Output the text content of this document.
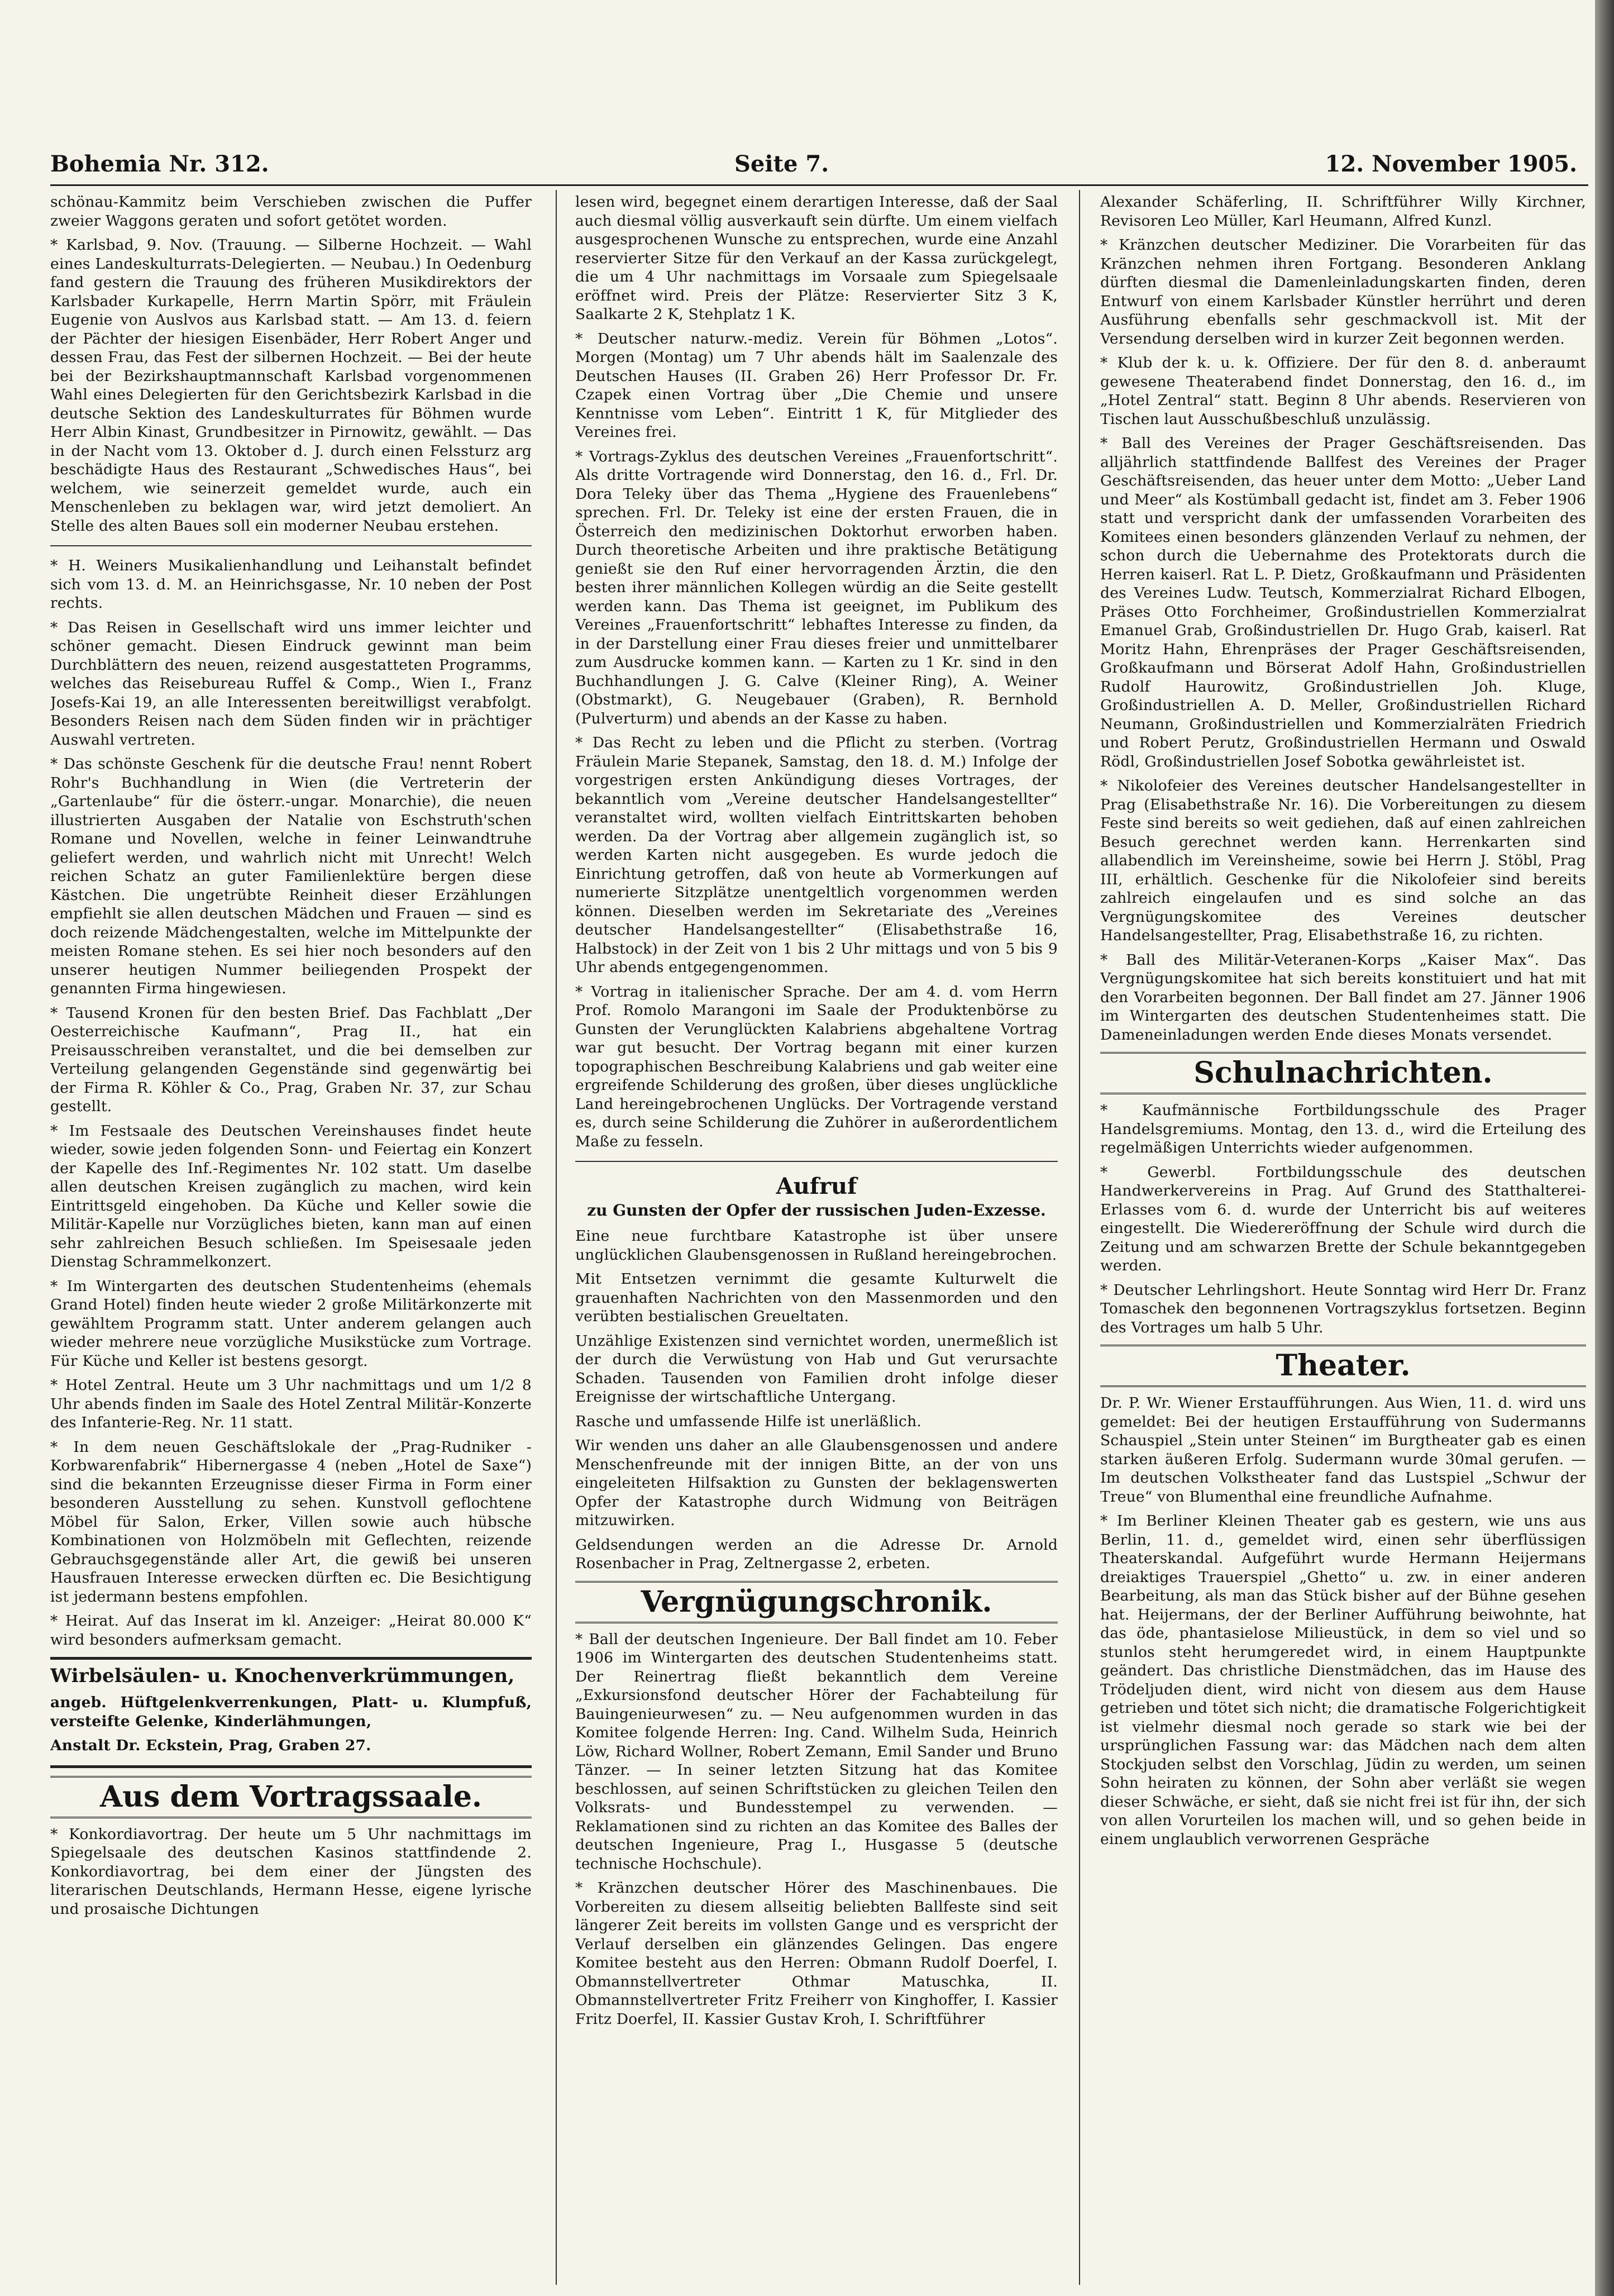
Bohemia Nr. 312.	Seite 7.	12. November 1905.

schönau-Kammitz beim Verschieben zwischen die Puffer zweier Waggons geraten und sofort getötet worden.

* Karlsbad, 9. Nov. (Trauung. — Silberne Hochzeit. — Wahl eines Landeskulturrats-Delegierten. — Neubau.) In Oedenburg fand gestern die Trauung des früheren Musikdirektors der Karlsbader Kurkapelle, Herrn Martin Spörr, mit Fräulein Eugenie von Auslvos aus Karlsbad statt. — Am 13. d. feiern der Pächter der hiesigen Eisenbäder, Herr Robert Anger und dessen Frau, das Fest der silbernen Hochzeit. — Bei der heute bei der Bezirkshauptmannschaft Karlsbad vorgenommenen Wahl eines Delegierten für den Gerichtsbezirk Karlsbad in die deutsche Sektion des Landeskulturrates für Böhmen wurde Herr Albin Kinast, Grundbesitzer in Pirnowitz, gewählt. — Das in der Nacht vom 13. Oktober d. J. durch einen Felssturz arg beschädigte Haus des Restaurant „Schwedisches Haus“, bei welchem, wie seinerzeit gemeldet wurde, auch ein Menschenleben zu beklagen war, wird jetzt demoliert. An Stelle des alten Baues soll ein moderner Neubau erstehen.

* H. Weiners Musikalienhandlung und Leihanstalt befindet sich vom 13. d. M. an Heinrichsgasse, Nr. 10 neben der Post rechts.

* Das Reisen in Gesellschaft wird uns immer leichter und schöner gemacht. Diesen Eindruck gewinnt man beim Durchblättern des neuen, reizend ausgestatteten Programms, welches das Reisebureau Ruffel & Comp., Wien I., Franz Josefs-Kai 19, an alle Interessenten bereitwilligst verabfolgt. Besonders Reisen nach dem Süden finden wir in prächtiger Auswahl vertreten.

* Das schönste Geschenk für die deutsche Frau! nennt Robert Rohr's Buchhandlung in Wien (die Vertreterin der „Gartenlaube“ für die österr.-ungar. Monarchie), die neuen illustrierten Ausgaben der Natalie von Eschstruth'schen Romane und Novellen, welche in feiner Leinwandtruhe geliefert werden, und wahrlich nicht mit Unrecht! Welch reichen Schatz an guter Familienlektüre bergen diese Kästchen. Die ungetrübte Reinheit dieser Erzählungen empfiehlt sie allen deutschen Mädchen und Frauen — sind es doch reizende Mädchengestalten, welche im Mittelpunkte der meisten Romane stehen. Es sei hier noch besonders auf den unserer heutigen Nummer beiliegenden Prospekt der genannten Firma hingewiesen.

* Tausend Kronen für den besten Brief. Das Fachblatt „Der Oesterreichische Kaufmann“, Prag II., hat ein Preisausschreiben veranstaltet, und die bei demselben zur Verteilung gelangenden Gegenstände sind gegenwärtig bei der Firma R. Köhler & Co., Prag, Graben Nr. 37, zur Schau gestellt.

* Im Festsaale des Deutschen Vereinshauses findet heute wieder, sowie jeden folgenden Sonn- und Feiertag ein Konzert der Kapelle des Inf.-Regimentes Nr. 102 statt. Um daselbe allen deutschen Kreisen zugänglich zu machen, wird kein Eintrittsgeld eingehoben. Da Küche und Keller sowie die Militär-Kapelle nur Vorzügliches bieten, kann man auf einen sehr zahlreichen Besuch schließen. Im Speisesaale jeden Dienstag Schrammelkonzert.

* Im Wintergarten des deutschen Studentenheims (ehemals Grand Hotel) finden heute wieder 2 große Militärkonzerte mit gewähltem Programm statt. Unter anderem gelangen auch wieder mehrere neue vorzügliche Musikstücke zum Vortrage. Für Küche und Keller ist bestens gesorgt.

* Hotel Zentral. Heute um 3 Uhr nachmittags und um 1/2 8 Uhr abends finden im Saale des Hotel Zentral Militär-Konzerte des Infanterie-Reg. Nr. 11 statt.

* In dem neuen Geschäftslokale der „Prag-Rudniker - Korbwarenfabrik“ Hibernergasse 4 (neben „Hotel de Saxe“) sind die bekannten Erzeugnisse dieser Firma in Form einer besonderen Ausstellung zu sehen. Kunstvoll geflochtene Möbel für Salon, Erker, Villen sowie auch hübsche Kombinationen von Holzmöbeln mit Geflechten, reizende Gebrauchsgegenstände aller Art, die gewiß bei unseren Hausfrauen Interesse erwecken dürften ec. Die Besichtigung ist jedermann bestens empfohlen.

* Heirat. Auf das Inserat im kl. Anzeiger: „Heirat 80.000 K“ wird besonders aufmerksam gemacht.

Wirbelsäulen- u. Knochenverkrümmungen,

angeb. Hüftgelenkverrenkungen, Platt- u. Klumpfuß, versteifte Gelenke, Kinderlähmungen,

Anstalt Dr. Eckstein, Prag, Graben 27.

Aus dem Vortragssaale.

* Konkordiavortrag. Der heute um 5 Uhr nachmittags im Spiegelsaale des deutschen Kasinos stattfindende 2. Konkordiavortrag, bei dem einer der Jüngsten des literarischen Deutschlands, Hermann Hesse, eigene lyrische und prosaische Dichtungen

lesen wird, begegnet einem derartigen Interesse, daß der Saal auch diesmal völlig ausverkauft sein dürfte. Um einem vielfach ausgesprochenen Wunsche zu entsprechen, wurde eine Anzahl reservierter Sitze für den Verkauf an der Kassa zurückgelegt, die um 4 Uhr nachmittags im Vorsaale zum Spiegelsaale eröffnet wird. Preis der Plätze: Reservierter Sitz 3 K, Saalkarte 2 K, Stehplatz 1 K.

* Deutscher naturw.-mediz. Verein für Böhmen „Lotos“. Morgen (Montag) um 7 Uhr abends hält im Saalenzale des Deutschen Hauses (II. Graben 26) Herr Professor Dr. Fr. Czapek einen Vortrag über „Die Chemie und unsere Kenntnisse vom Leben“. Eintritt 1 K, für Mitglieder des Vereines frei.

* Vortrags-Zyklus des deutschen Vereines „Frauenfortschritt“. Als dritte Vortragende wird Donnerstag, den 16. d., Frl. Dr. Dora Teleky über das Thema „Hygiene des Frauenlebens“ sprechen. Frl. Dr. Teleky ist eine der ersten Frauen, die in Österreich den medizinischen Doktorhut erworben haben. Durch theoretische Arbeiten und ihre praktische Betätigung genießt sie den Ruf einer hervorragenden Ärztin, die den besten ihrer männlichen Kollegen würdig an die Seite gestellt werden kann. Das Thema ist geeignet, im Publikum des Vereines „Frauenfortschritt“ lebhaftes Interesse zu finden, da in der Darstellung einer Frau dieses freier und unmittelbarer zum Ausdrucke kommen kann. — Karten zu 1 Kr. sind in den Buchhandlungen J. G. Calve (Kleiner Ring), A. Weiner (Obstmarkt), G. Neugebauer (Graben), R. Bernhold (Pulverturm) und abends an der Kasse zu haben.

* Das Recht zu leben und die Pflicht zu sterben. (Vortrag Fräulein Marie Stepanek, Samstag, den 18. d. M.) Infolge der vorgestrigen ersten Ankündigung dieses Vortrages, der bekanntlich vom „Vereine deutscher Handelsangestellter“ veranstaltet wird, wollten vielfach Eintrittskarten behoben werden. Da der Vortrag aber allgemein zugänglich ist, so werden Karten nicht ausgegeben. Es wurde jedoch die Einrichtung getroffen, daß von heute ab Vormerkungen auf numerierte Sitzplätze unentgeltlich vorgenommen werden können. Dieselben werden im Sekretariate des „Vereines deutscher Handelsangestellter“ (Elisabethstraße 16, Halbstock) in der Zeit von 1 bis 2 Uhr mittags und von 5 bis 9 Uhr abends entgegengenommen.

* Vortrag in italienischer Sprache. Der am 4. d. vom Herrn Prof. Romolo Marangoni im Saale der Produktenbörse zu Gunsten der Verunglückten Kalabriens abgehaltene Vortrag war gut besucht. Der Vortrag begann mit einer kurzen topographischen Beschreibung Kalabriens und gab weiter eine ergreifende Schilderung des großen, über dieses unglückliche Land hereingebrochenen Unglücks. Der Vortragende verstand es, durch seine Schilderung die Zuhörer in außerordentlichem Maße zu fesseln.

Aufruf
zu Gunsten der Opfer der russischen Juden-Exzesse.

Eine neue furchtbare Katastrophe ist über unsere unglücklichen Glaubensgenossen in Rußland hereingebrochen.

Mit Entsetzen vernimmt die gesamte Kulturwelt die grauenhaften Nachrichten von den Massenmorden und den verübten bestialischen Greueltaten.

Unzählige Existenzen sind vernichtet worden, unermeßlich ist der durch die Verwüstung von Hab und Gut verursachte Schaden. Tausenden von Familien droht infolge dieser Ereignisse der wirtschaftliche Untergang.

Rasche und umfassende Hilfe ist unerläßlich.

Wir wenden uns daher an alle Glaubensgenossen und andere Menschenfreunde mit der innigen Bitte, an der von uns eingeleiteten Hilfsaktion zu Gunsten der beklagenswerten Opfer der Katastrophe durch Widmung von Beiträgen mitzuwirken.

Geldsendungen werden an die Adresse Dr. Arnold Rosenbacher in Prag, Zeltnergasse 2, erbeten.

Vergnügungschronik.

* Ball der deutschen Ingenieure. Der Ball findet am 10. Feber 1906 im Wintergarten des deutschen Studentenheims statt. Der Reinertrag fließt bekanntlich dem Vereine „Exkursionsfond deutscher Hörer der Fachabteilung für Bauingenieurwesen“ zu. — Neu aufgenommen wurden in das Komitee folgende Herren: Ing. Cand. Wilhelm Suda, Heinrich Löw, Richard Wollner, Robert Zemann, Emil Sander und Bruno Tänzer. — In seiner letzten Sitzung hat das Komitee beschlossen, auf seinen Schriftstücken zu gleichen Teilen den Volksrats- und Bundesstempel zu verwenden. — Reklamationen sind zu richten an das Komitee des Balles der deutschen Ingenieure, Prag I., Husgasse 5 (deutsche technische Hochschule).

* Kränzchen deutscher Hörer des Maschinenbaues. Die Vorbereiten zu diesem allseitig beliebten Ballfeste sind seit längerer Zeit bereits im vollsten Gange und es verspricht der Verlauf derselben ein glänzendes Gelingen. Das engere Komitee besteht aus den Herren: Obmann Rudolf Doerfel, I. Obmannstellvertreter Othmar Matuschka, II. Obmannstellvertreter Fritz Freiherr von Kinghoffer, I. Kassier Fritz Doerfel, II. Kassier Gustav Kroh, I. Schriftführer

Alexander Schäferling, II. Schriftführer Willy Kirchner, Revisoren Leo Müller, Karl Heumann, Alfred Kunzl.

* Kränzchen deutscher Mediziner. Die Vorarbeiten für das Kränzchen nehmen ihren Fortgang. Besonderen Anklang dürften diesmal die Damenleinladungskarten finden, deren Entwurf von einem Karlsbader Künstler herrührt und deren Ausführung ebenfalls sehr geschmackvoll ist. Mit der Versendung derselben wird in kurzer Zeit begonnen werden.

* Klub der k. u. k. Offiziere. Der für den 8. d. anberaumt gewesene Theaterabend findet Donnerstag, den 16. d., im „Hotel Zentral“ statt. Beginn 8 Uhr abends. Reservieren von Tischen laut Ausschußbeschluß unzulässig.

* Ball des Vereines der Prager Geschäftsreisenden. Das alljährlich stattfindende Ballfest des Vereines der Prager Geschäftsreisenden, das heuer unter dem Motto: „Ueber Land und Meer“ als Kostümball gedacht ist, findet am 3. Feber 1906 statt und verspricht dank der umfassenden Vorarbeiten des Komitees einen besonders glänzenden Verlauf zu nehmen, der schon durch die Uebernahme des Protektorats durch die Herren kaiserl. Rat L. P. Dietz, Großkaufmann und Präsidenten des Vereines Ludw. Teutsch, Kommerzialrat Richard Elbogen, Präses Otto Forchheimer, Großindustriellen Kommerzialrat Emanuel Grab, Großindustriellen Dr. Hugo Grab, kaiserl. Rat Moritz Hahn, Ehrenpräses der Prager Geschäftsreisenden, Großkaufmann und Börserat Adolf Hahn, Großindustriellen Rudolf Haurowitz, Großindustriellen Joh. Kluge, Großindustriellen A. D. Meller, Großindustriellen Richard Neumann, Großindustriellen und Kommerzialräten Friedrich und Robert Perutz, Großindustriellen Hermann und Oswald Rödl, Großindustriellen Josef Sobotka gewährleistet ist.

* Nikolofeier des Vereines deutscher Handelsangestellter in Prag (Elisabethstraße Nr. 16). Die Vorbereitungen zu diesem Feste sind bereits so weit gediehen, daß auf einen zahlreichen Besuch gerechnet werden kann. Herrenkarten sind allabendlich im Vereinsheime, sowie bei Herrn J. Stöbl, Prag III, erhältlich. Geschenke für die Nikolofeier sind bereits zahlreich eingelaufen und es sind solche an das Vergnügungskomitee des Vereines deutscher Handelsangestellter, Prag, Elisabethstraße 16, zu richten.

* Ball des Militär-Veteranen-Korps „Kaiser Max“. Das Vergnügungskomitee hat sich bereits konstituiert und hat mit den Vorarbeiten begonnen. Der Ball findet am 27. Jänner 1906 im Wintergarten des deutschen Studentenheimes statt. Die Dameneinladungen werden Ende dieses Monats versendet.

Schulnachrichten.

* Kaufmännische Fortbildungsschule des Prager Handelsgremiums. Montag, den 13. d., wird die Erteilung des regelmäßigen Unterrichts wieder aufgenommen.

* Gewerbl. Fortbildungsschule des deutschen Handwerkervereins in Prag. Auf Grund des Statthalterei-Erlasses vom 6. d. wurde der Unterricht bis auf weiteres eingestellt. Die Wiedereröffnung der Schule wird durch die Zeitung und am schwarzen Brette der Schule bekanntgegeben werden.

* Deutscher Lehrlingshort. Heute Sonntag wird Herr Dr. Franz Tomaschek den begonnenen Vortragszyklus fortsetzen. Beginn des Vortrages um halb 5 Uhr.

Theater.

Dr. P. Wr. Wiener Erstaufführungen. Aus Wien, 11. d. wird uns gemeldet: Bei der heutigen Erstaufführung von Sudermanns Schauspiel „Stein unter Steinen“ im Burgtheater gab es einen starken äußeren Erfolg. Sudermann wurde 30mal gerufen. — Im deutschen Volkstheater fand das Lustspiel „Schwur der Treue“ von Blumenthal eine freundliche Aufnahme.

* Im Berliner Kleinen Theater gab es gestern, wie uns aus Berlin, 11. d., gemeldet wird, einen sehr überflüssigen Theaterskandal. Aufgeführt wurde Hermann Heijermans dreiaktiges Trauerspiel „Ghetto“ u. zw. in einer anderen Bearbeitung, als man das Stück bisher auf der Bühne gesehen hat. Heijermans, der der Berliner Aufführung beiwohnte, hat das öde, phantasielose Milieustück, in dem so viel und so stunlos steht herumgeredet wird, in einem Hauptpunkte geändert. Das christliche Dienstmädchen, das im Hause des Trödeljuden dient, wird nicht von diesem aus dem Hause getrieben und tötet sich nicht; die dramatische Folgerichtigkeit ist vielmehr diesmal noch gerade so stark wie bei der ursprünglichen Fassung war: das Mädchen nach dem alten Stockjuden selbst den Vorschlag, Jüdin zu werden, um seinen Sohn heiraten zu können, der Sohn aber verläßt sie wegen dieser Schwäche, er sieht, daß sie nicht frei ist für ihn, der sich von allen Vorurteilen los machen will, und so gehen beide in einem unglaublich verworrenen Gespräche
